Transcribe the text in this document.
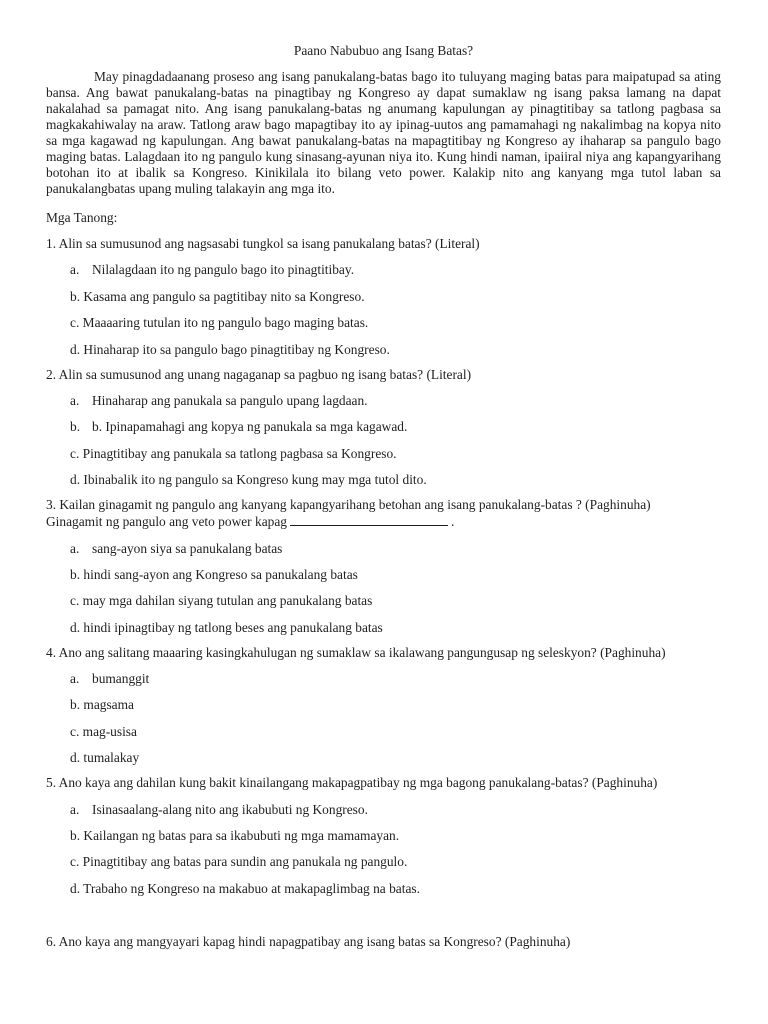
Paano Nabubuo ang Isang Batas?

May pinagdadaanang proseso ang isang panukalang-batas bago ito tuluyang maging batas para maipatupad sa ating bansa. Ang bawat panukalang-batas na pinagtibay ng Kongreso ay dapat sumaklaw ng isang paksa lamang na dapat nakalahad sa pamagat nito. Ang isang panukalang-batas ng anumang kapulungan ay pinagtitibay sa tatlong pagbasa sa magkakahiwalay na araw. Tatlong araw bago mapagtibay ito ay ipinag-uutos ang pamamahagi ng nakalimbag na kopya nito sa mga kagawad ng kapulungan. Ang bawat panukalang-batas na mapagtitibay ng Kongreso ay ihaharap sa pangulo bago maging batas. Lalagdaan ito ng pangulo kung sinasang-ayunan niya ito. Kung hindi naman, ipaiiral niya ang kapangyarihang botohan ito at ibalik sa Kongreso. Kinikilala ito bilang veto power. Kalakip nito ang kanyang mga tutol laban sa panukalangbatas upang muling talakayin ang mga ito.

Mga Tanong:
1. Alin sa sumusunod ang nagsasabi tungkol sa isang panukalang batas? (Literal)
a. Nilalagdaan ito ng pangulo bago ito pinagtitibay.
b. Kasama ang pangulo sa pagtitibay nito sa Kongreso.
c. Maaaaring tutulan ito ng pangulo bago maging batas.
d. Hinaharap ito sa pangulo bago pinagtitibay ng Kongreso.
2. Alin sa sumusunod ang unang nagaganap sa pagbuo ng isang batas? (Literal)
a. Hinaharap ang panukala sa pangulo upang lagdaan.
b. b. Ipinapamahagi ang kopya ng panukala sa mga kagawad.
c. Pinagtitibay ang panukala sa tatlong pagbasa sa Kongreso.
d. Ibinabalik ito ng pangulo sa Kongreso kung may mga tutol dito.
3. Kailan ginagamit ng pangulo ang kanyang kapangyarihang betohan ang isang panukalang-batas ? (Paghinuha)
Ginagamit ng pangulo ang veto power kapag	.
a. sang-ayon siya sa panukalang batas
b. hindi sang-ayon ang Kongreso sa panukalang batas
c. may mga dahilan siyang tutulan ang panukalang batas
d. hindi ipinagtibay ng tatlong beses ang panukalang batas
4. Ano ang salitang maaaring kasingkahulugan ng sumaklaw sa ikalawang pangungusap ng seleskyon? (Paghinuha)
a. bumanggit
b. magsama
c. mag-usisa
d. tumalakay
5. Ano kaya ang dahilan kung bakit kinailangang makapagpatibay ng mga bagong panukalang-batas? (Paghinuha)
a. Isinasaalang-alang nito ang ikabubuti ng Kongreso.
b. Kailangan ng batas para sa ikabubuti ng mga mamamayan.
c. Pinagtitibay ang batas para sundin ang panukala ng pangulo.
d. Trabaho ng Kongreso na makabuo at makapaglimbag na batas.
6. Ano kaya ang mangyayari kapag hindi napagpatibay ang isang batas sa Kongreso? (Paghinuha)
